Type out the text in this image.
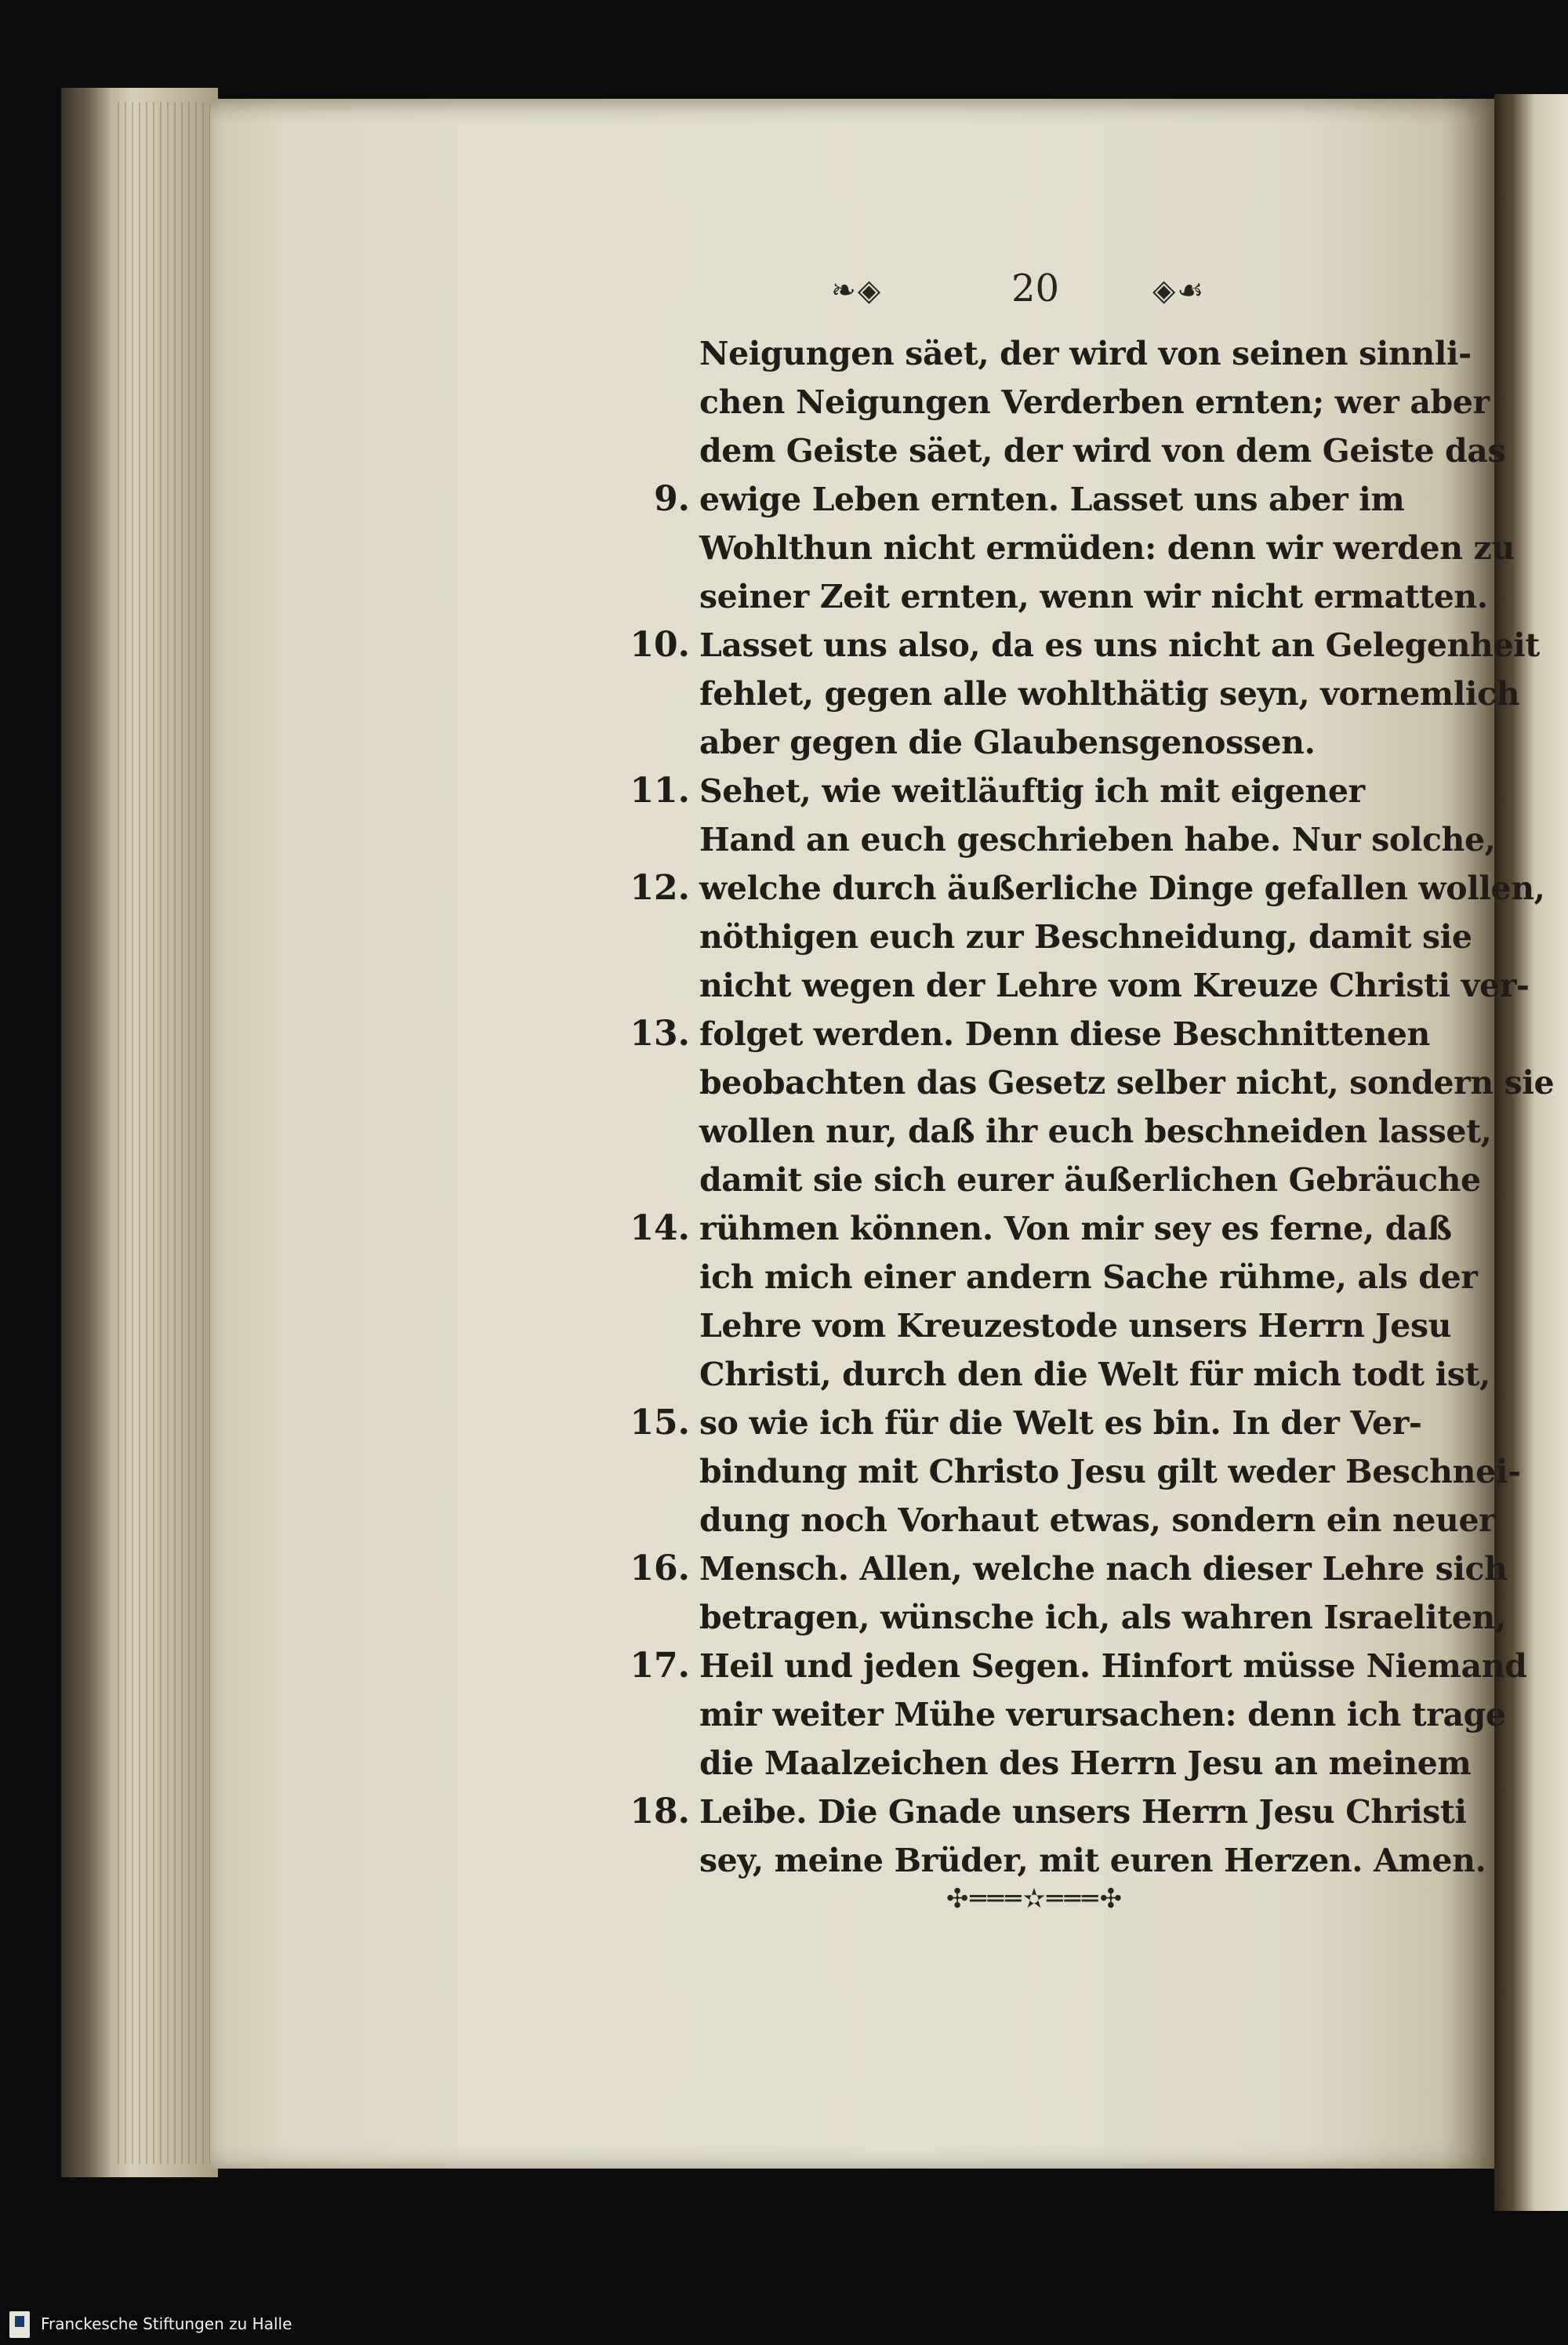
❧◈	20	◈☙
Neigungen säet, der wird von seinen sinnli-
chen Neigungen Verderben ernten; wer aber
dem Geiste säet, der wird von dem Geiste das
9. ewige Leben ernten. Lasset uns aber im
Wohlthun nicht ermüden: denn wir werden zu
seiner Zeit ernten, wenn wir nicht ermatten.
10. Lasset uns also, da es uns nicht an Gelegenheit
fehlet, gegen alle wohlthätig seyn, vornemlich
aber gegen die Glaubensgenossen.
11. Sehet, wie weitläuftig ich mit eigener
Hand an euch geschrieben habe. Nur solche,
12. welche durch äußerliche Dinge gefallen wollen,
nöthigen euch zur Beschneidung, damit sie
nicht wegen der Lehre vom Kreuze Christi ver-
13. folget werden. Denn diese Beschnittenen
beobachten das Gesetz selber nicht, sondern sie
wollen nur, daß ihr euch beschneiden lasset,
damit sie sich eurer äußerlichen Gebräuche
14. rühmen können. Von mir sey es ferne, daß
ich mich einer andern Sache rühme, als der
Lehre vom Kreuzestode unsers Herrn Jesu
Christi, durch den die Welt für mich todt ist,
15. so wie ich für die Welt es bin. In der Ver-
bindung mit Christo Jesu gilt weder Beschnei-
dung noch Vorhaut etwas, sondern ein neuer
16. Mensch. Allen, welche nach dieser Lehre sich
betragen, wünsche ich, als wahren Israeliten,
17. Heil und jeden Segen. Hinfort müsse Niemand
mir weiter Mühe verursachen: denn ich trage
die Maalzeichen des Herrn Jesu an meinem
18. Leibe. Die Gnade unsers Herrn Jesu Christi
sey, meine Brüder, mit euren Herzen. Amen.
✣═══✫═══✣
Franckesche Stiftungen zu Halle
